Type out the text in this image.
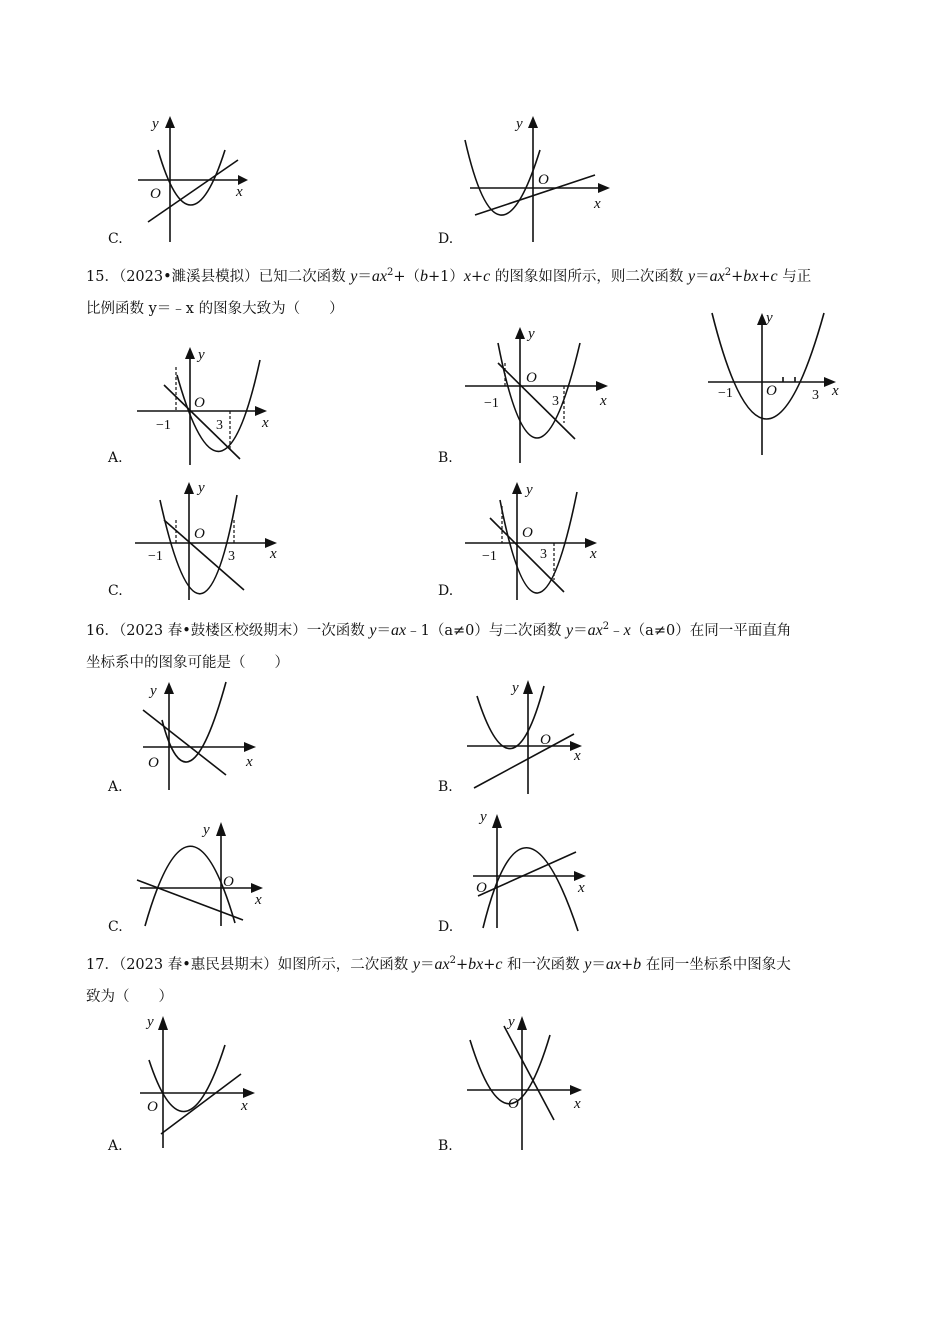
y
x
O
C.
y
x
O
D.
15．（2023•濉溪县模拟）已知二次函数 $y=ax^2+(b+1)x+c$ 的图象如图所示，则二次函数 $y=ax^2+bx+c$ 与正
比例函数 y＝﹣x 的图象大致为（　　）
y
x
O
−1	3
y
x
O
−1	3
A.
y
x
O
−1	3
B.
y
x
O
−1	3
C.
y
x
O
−1	3
D.
16．（2023 春•鼓楼区校级期末）一次函数 y＝ax﹣1（a≠0）与二次函数 $y=ax^2﹣x(a\ne 0)$在同一平面直角
坐标系中的图象可能是（　　）
y
x
O
A.
y
x
O
B.
y
x
O
C.
y
x
O
D.
17．（2023 春•惠民县期末）如图所示，二次函数 $y=ax^2+bx+c$ 和一次函数 y＝ax+b 在同一坐标系中图象大
致为（　　）
y
x
O
A.
y
x
O
B.
